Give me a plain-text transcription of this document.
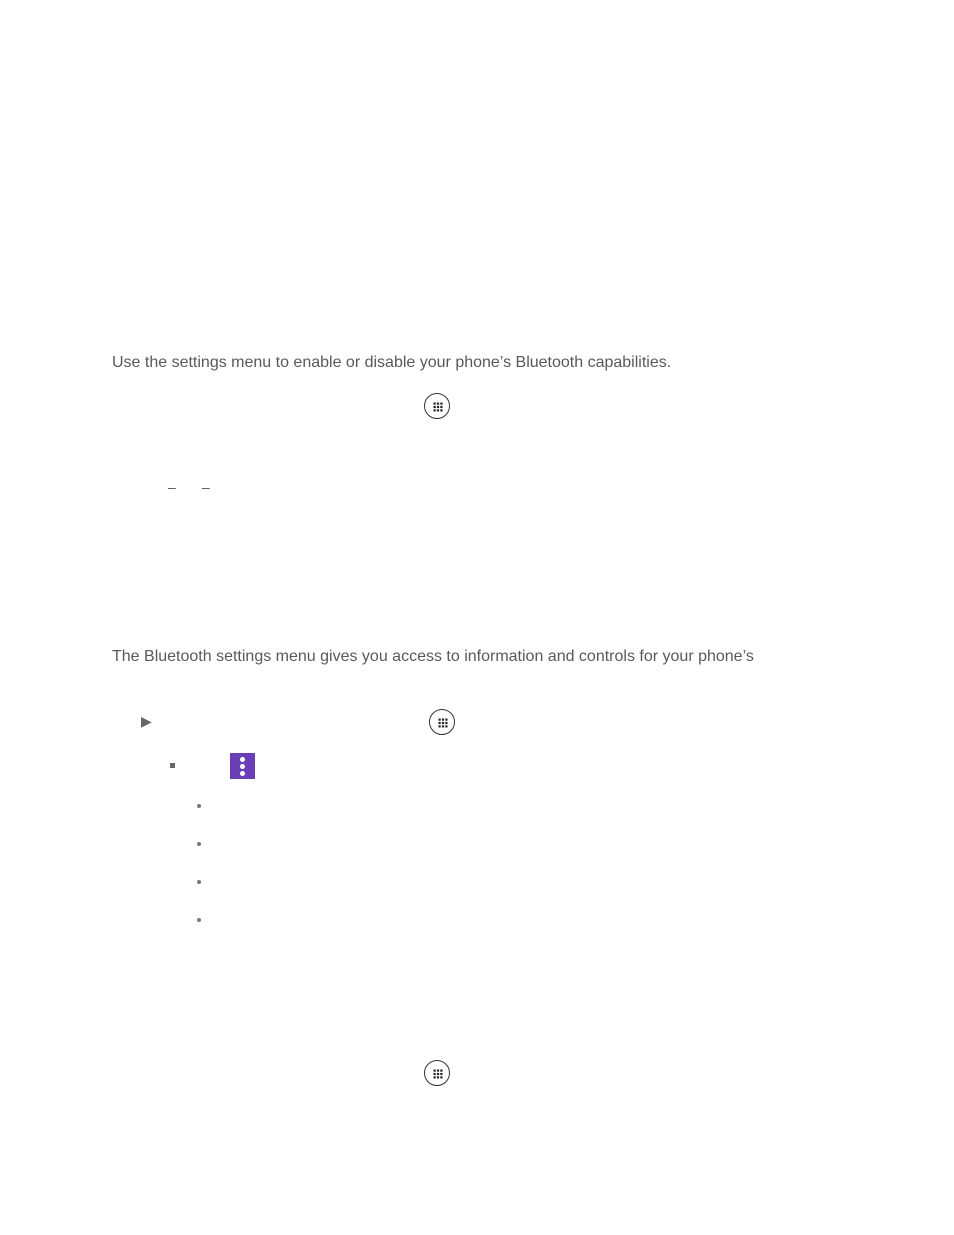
Use the settings menu to enable or disable your phone’s Bluetooth capabilities.

– –

The Bluetooth settings menu gives you access to information and controls for your phone’s

▶
